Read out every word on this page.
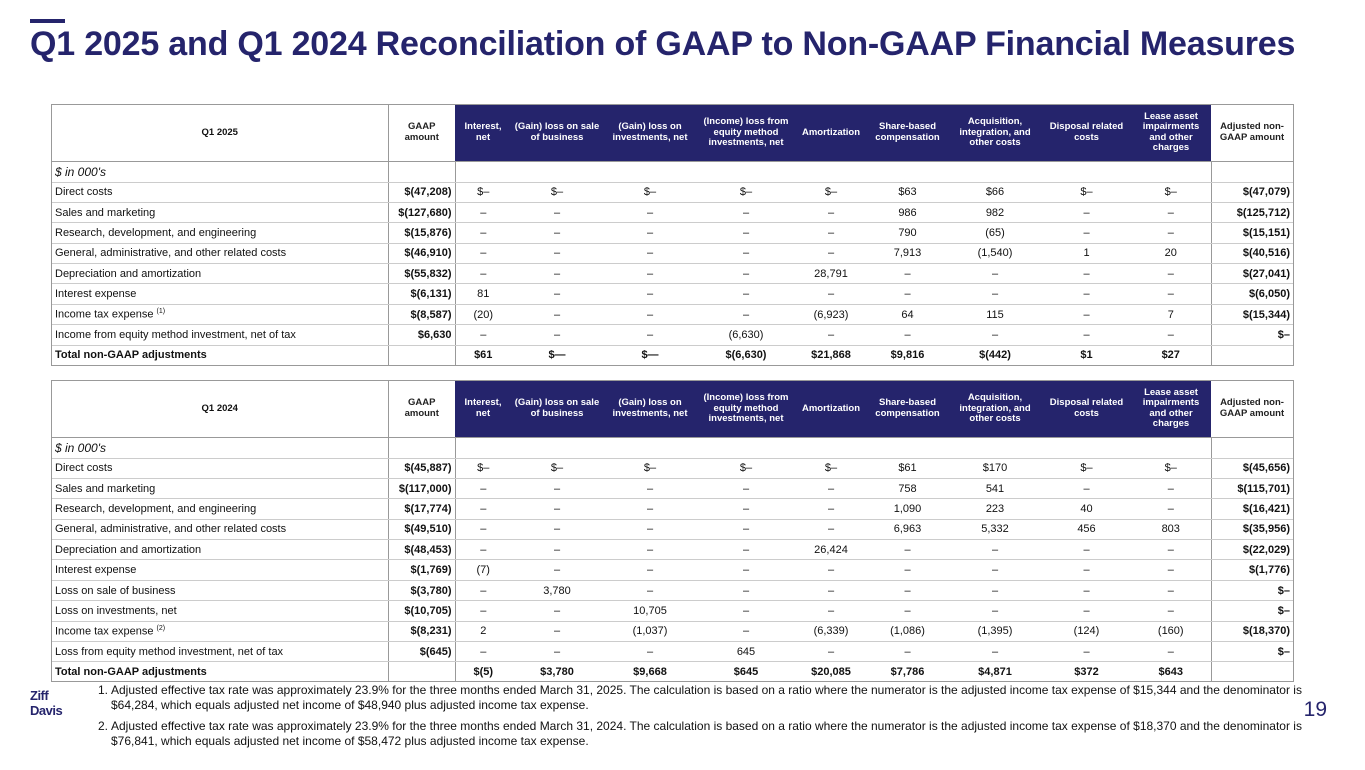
Q1 2025 and Q1 2024 Reconciliation of GAAP to Non-GAAP Financial Measures
Q1 2025	GAAP amount	Interest, net	(Gain) loss on sale of business	(Gain) loss on investments, net	(Income) loss from equity method investments, net	Amortization	Share-based compensation	Acquisition, integration, and other costs	Disposal related costs	Lease asset impairments and other charges	Adjusted non-GAAP amount
$ in 000's											
Direct costs	$(47,208)	$–	$–	$–	$–	$–	$63	$66	$–	$–	$(47,079)
Sales and marketing	$(127,680)	–	–	–	–	–	986	982	–	–	$(125,712)
Research, development, and engineering	$(15,876)	–	–	–	–	–	790	(65)	–	–	$(15,151)
General, administrative, and other related costs	$(46,910)	–	–	–	–	–	7,913	(1,540)	1	20	$(40,516)
Depreciation and amortization	$(55,832)	–	–	–	–	28,791	–	–	–	–	$(27,041)
Interest expense	$(6,131)	81	–	–	–	–	–	–	–	–	$(6,050)
Income tax expense $^{(1)}$	$(8,587)	(20)	–	–	–	(6,923)	64	115	–	7	$(15,344)
Income from equity method investment, net of tax	$6,630	–	–	–	(6,630)	–	–	–	–	–	$–
Total non-GAAP adjustments		$61	$—	$—	$(6,630)	$21,868	$9,816	$(442)	$1	$27	
Q1 2024	GAAP amount	Interest, net	(Gain) loss on sale of business	(Gain) loss on investments, net	(Income) loss from equity method investments, net	Amortization	Share-based compensation	Acquisition, integration, and other costs	Disposal related costs	Lease asset impairments and other charges	Adjusted non-GAAP amount
$ in 000's											
Direct costs	$(45,887)	$–	$–	$–	$–	$–	$61	$170	$–	$–	$(45,656)
Sales and marketing	$(117,000)	–	–	–	–	–	758	541	–	–	$(115,701)
Research, development, and engineering	$(17,774)	–	–	–	–	–	1,090	223	40	–	$(16,421)
General, administrative, and other related costs	$(49,510)	–	–	–	–	–	6,963	5,332	456	803	$(35,956)
Depreciation and amortization	$(48,453)	–	–	–	–	26,424	–	–	–	–	$(22,029)
Interest expense	$(1,769)	(7)	–	–	–	–	–	–	–	–	$(1,776)
Loss on sale of business	$(3,780)	–	3,780	–	–	–	–	–	–	–	$–
Loss on investments, net	$(10,705)	–	–	10,705	–	–	–	–	–	–	$–
Income tax expense $^{(2)}$	$(8,231)	2	–	(1,037)	–	(6,339)	(1,086)	(1,395)	(124)	(160)	$(18,370)
Loss from equity method investment, net of tax	$(645)	–	–	–	645	–	–	–	–	–	$–
Total non-GAAP adjustments		$(5)	$3,780	$9,668	$645	$20,085	$7,786	$4,871	$372	$643	
Ziff
Davis
1. Adjusted effective tax rate was approximately 23.9% for the three months ended March 31, 2025. The calculation is based on a ratio where the numerator is the adjusted income tax expense of $15,344 and the denominator is $64,284, which equals adjusted net income of $48,940 plus adjusted income tax expense.
2. Adjusted effective tax rate was approximately 23.9% for the three months ended March 31, 2024. The calculation is based on a ratio where the numerator is the adjusted income tax expense of $18,370 and the denominator is $76,841, which equals adjusted net income of $58,472 plus adjusted income tax expense.
19
